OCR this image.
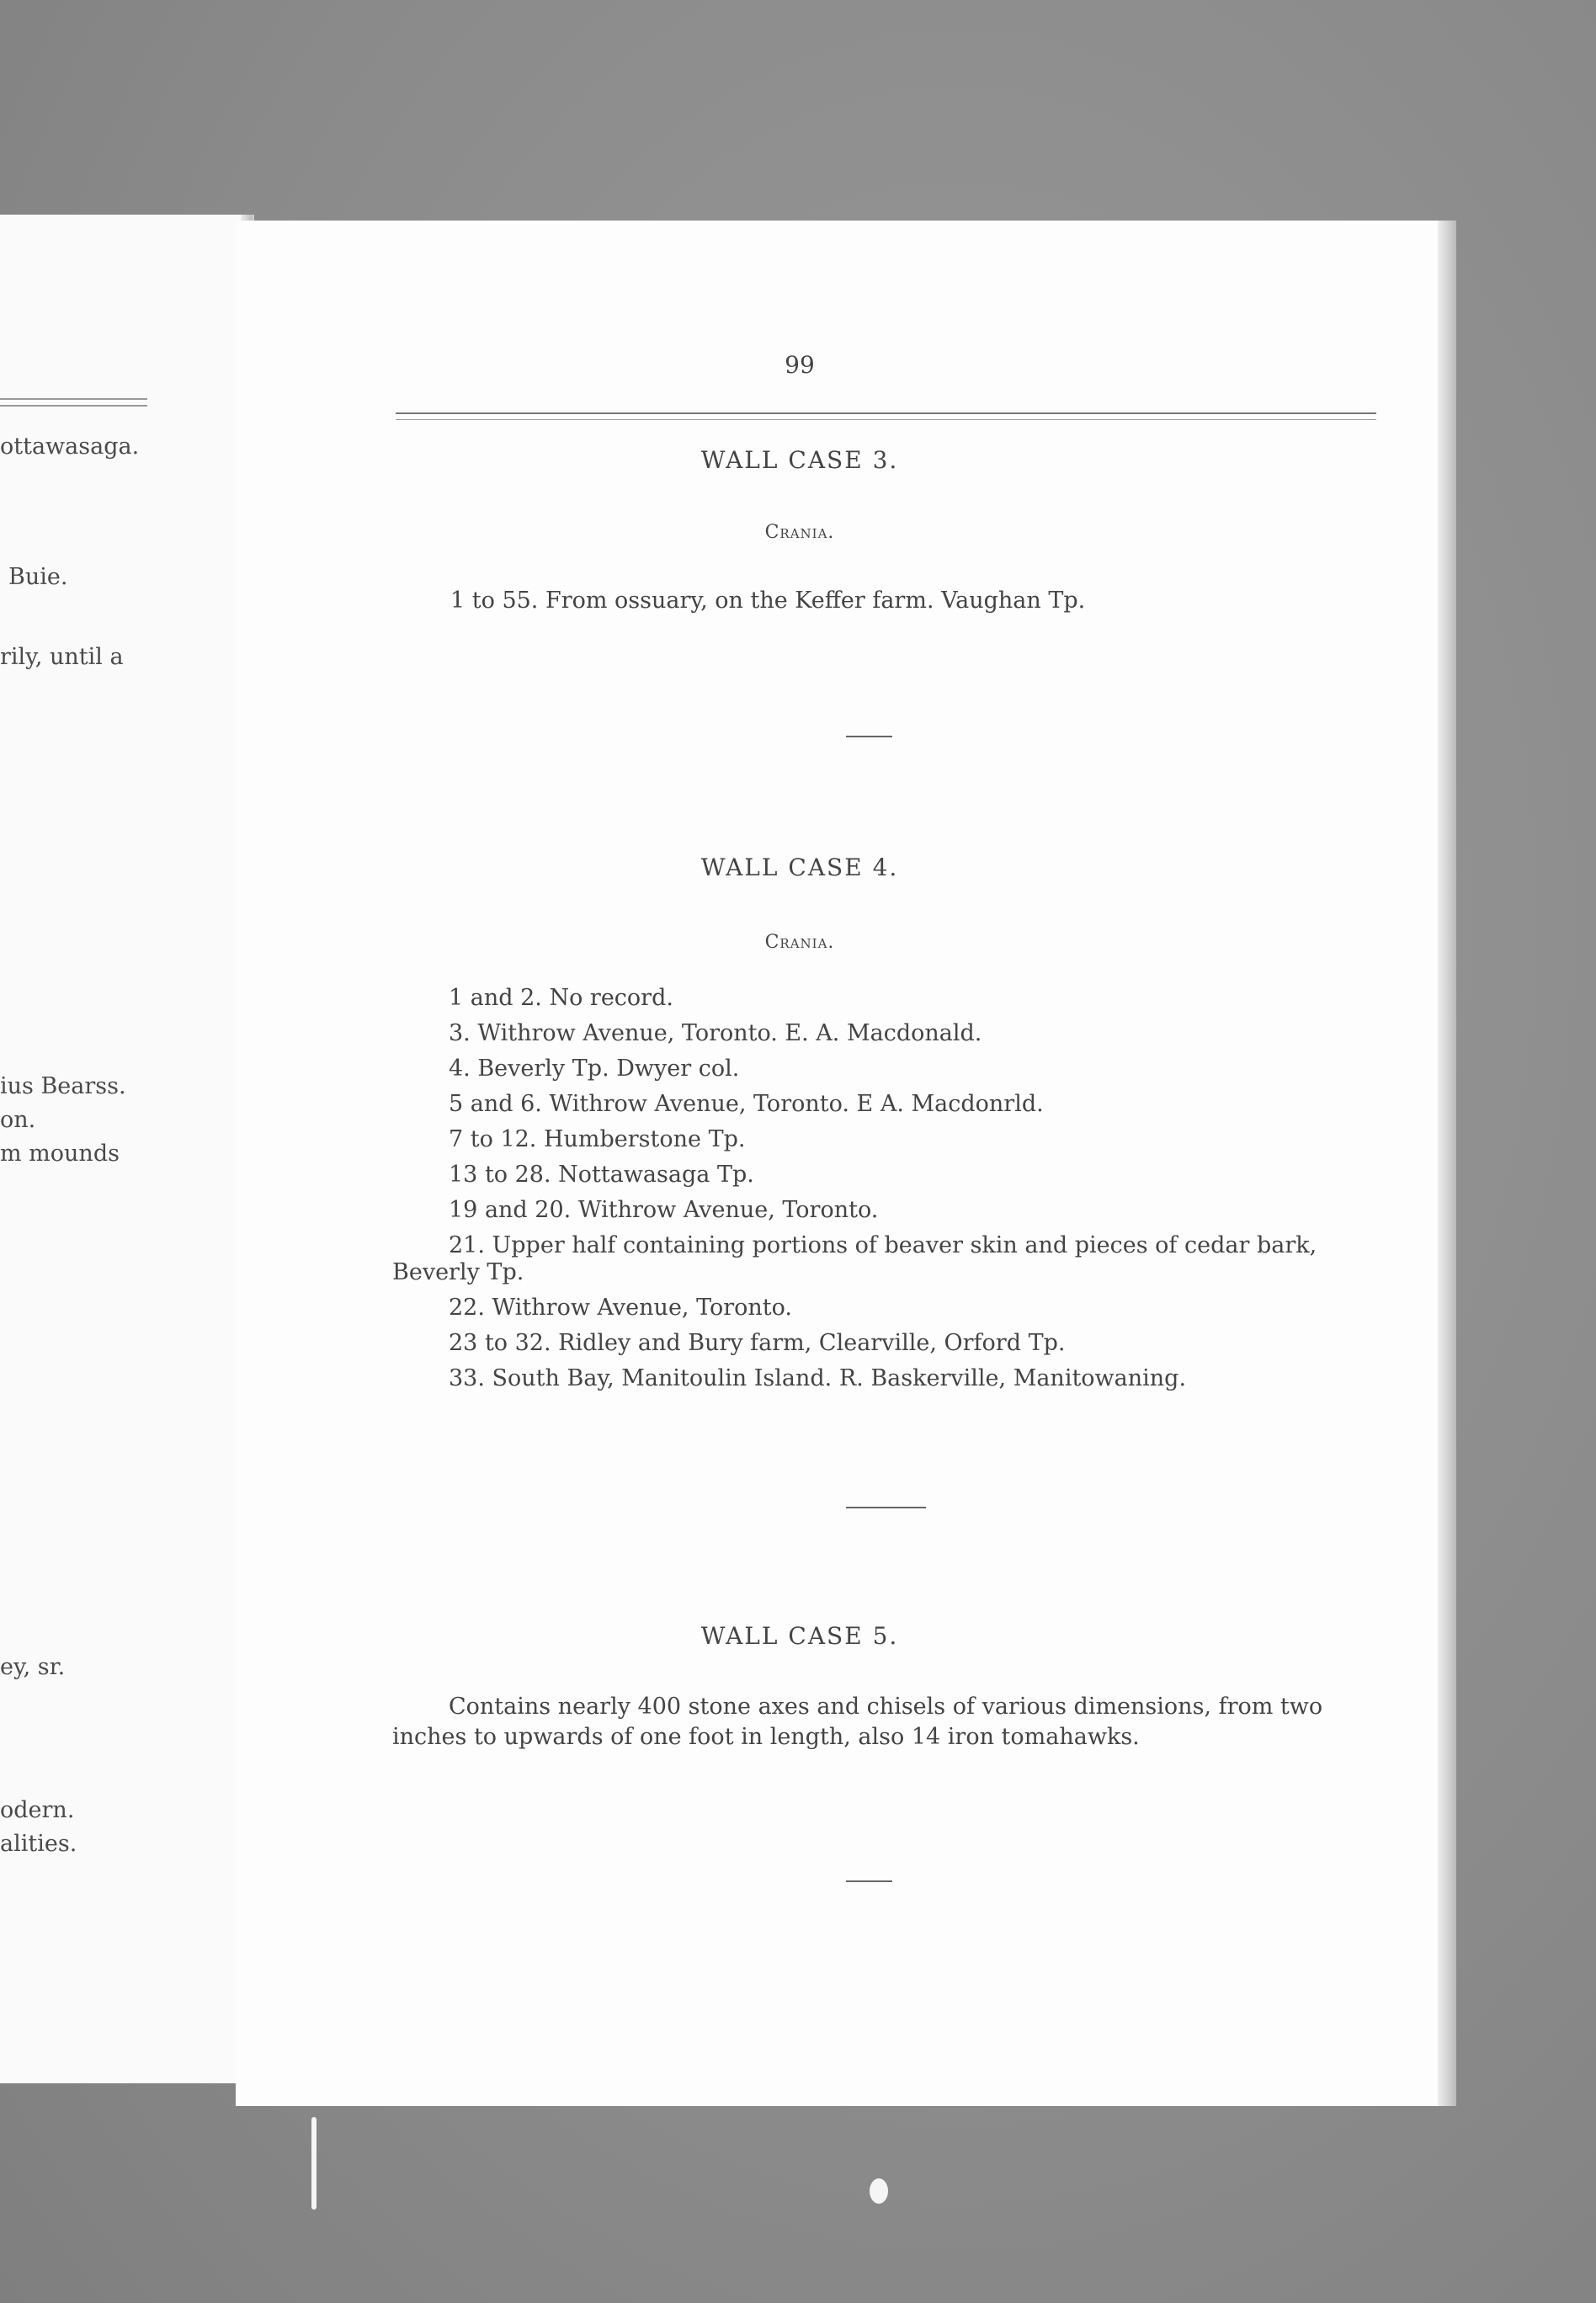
ottawasaga.
Buie.
rily, until a
ius Bearss.
on.
m mounds
ey, sr.
odern.
alities.
99
WALL CASE 3.
Crania.
1 to 55. From ossuary, on the Keffer farm. Vaughan Tp.
WALL CASE 4.
Crania.
1 and 2. No record.
3. Withrow Avenue, Toronto. E. A. Macdonald.
4. Beverly Tp. Dwyer col.
5 and 6. Withrow Avenue, Toronto. E A. Macdonrld.
7 to 12. Humberstone Tp.
13 to 28. Nottawasaga Tp.
19 and 20. Withrow Avenue, Toronto.
21. Upper half containing portions of beaver skin and pieces of cedar bark,
Beverly Tp.
22. Withrow Avenue, Toronto.
23 to 32. Ridley and Bury farm, Clearville, Orford Tp.
33. South Bay, Manitoulin Island. R. Baskerville, Manitowaning.
WALL CASE 5.
Contains nearly 400 stone axes and chisels of various dimensions, from two
inches to upwards of one foot in length, also 14 iron tomahawks.
